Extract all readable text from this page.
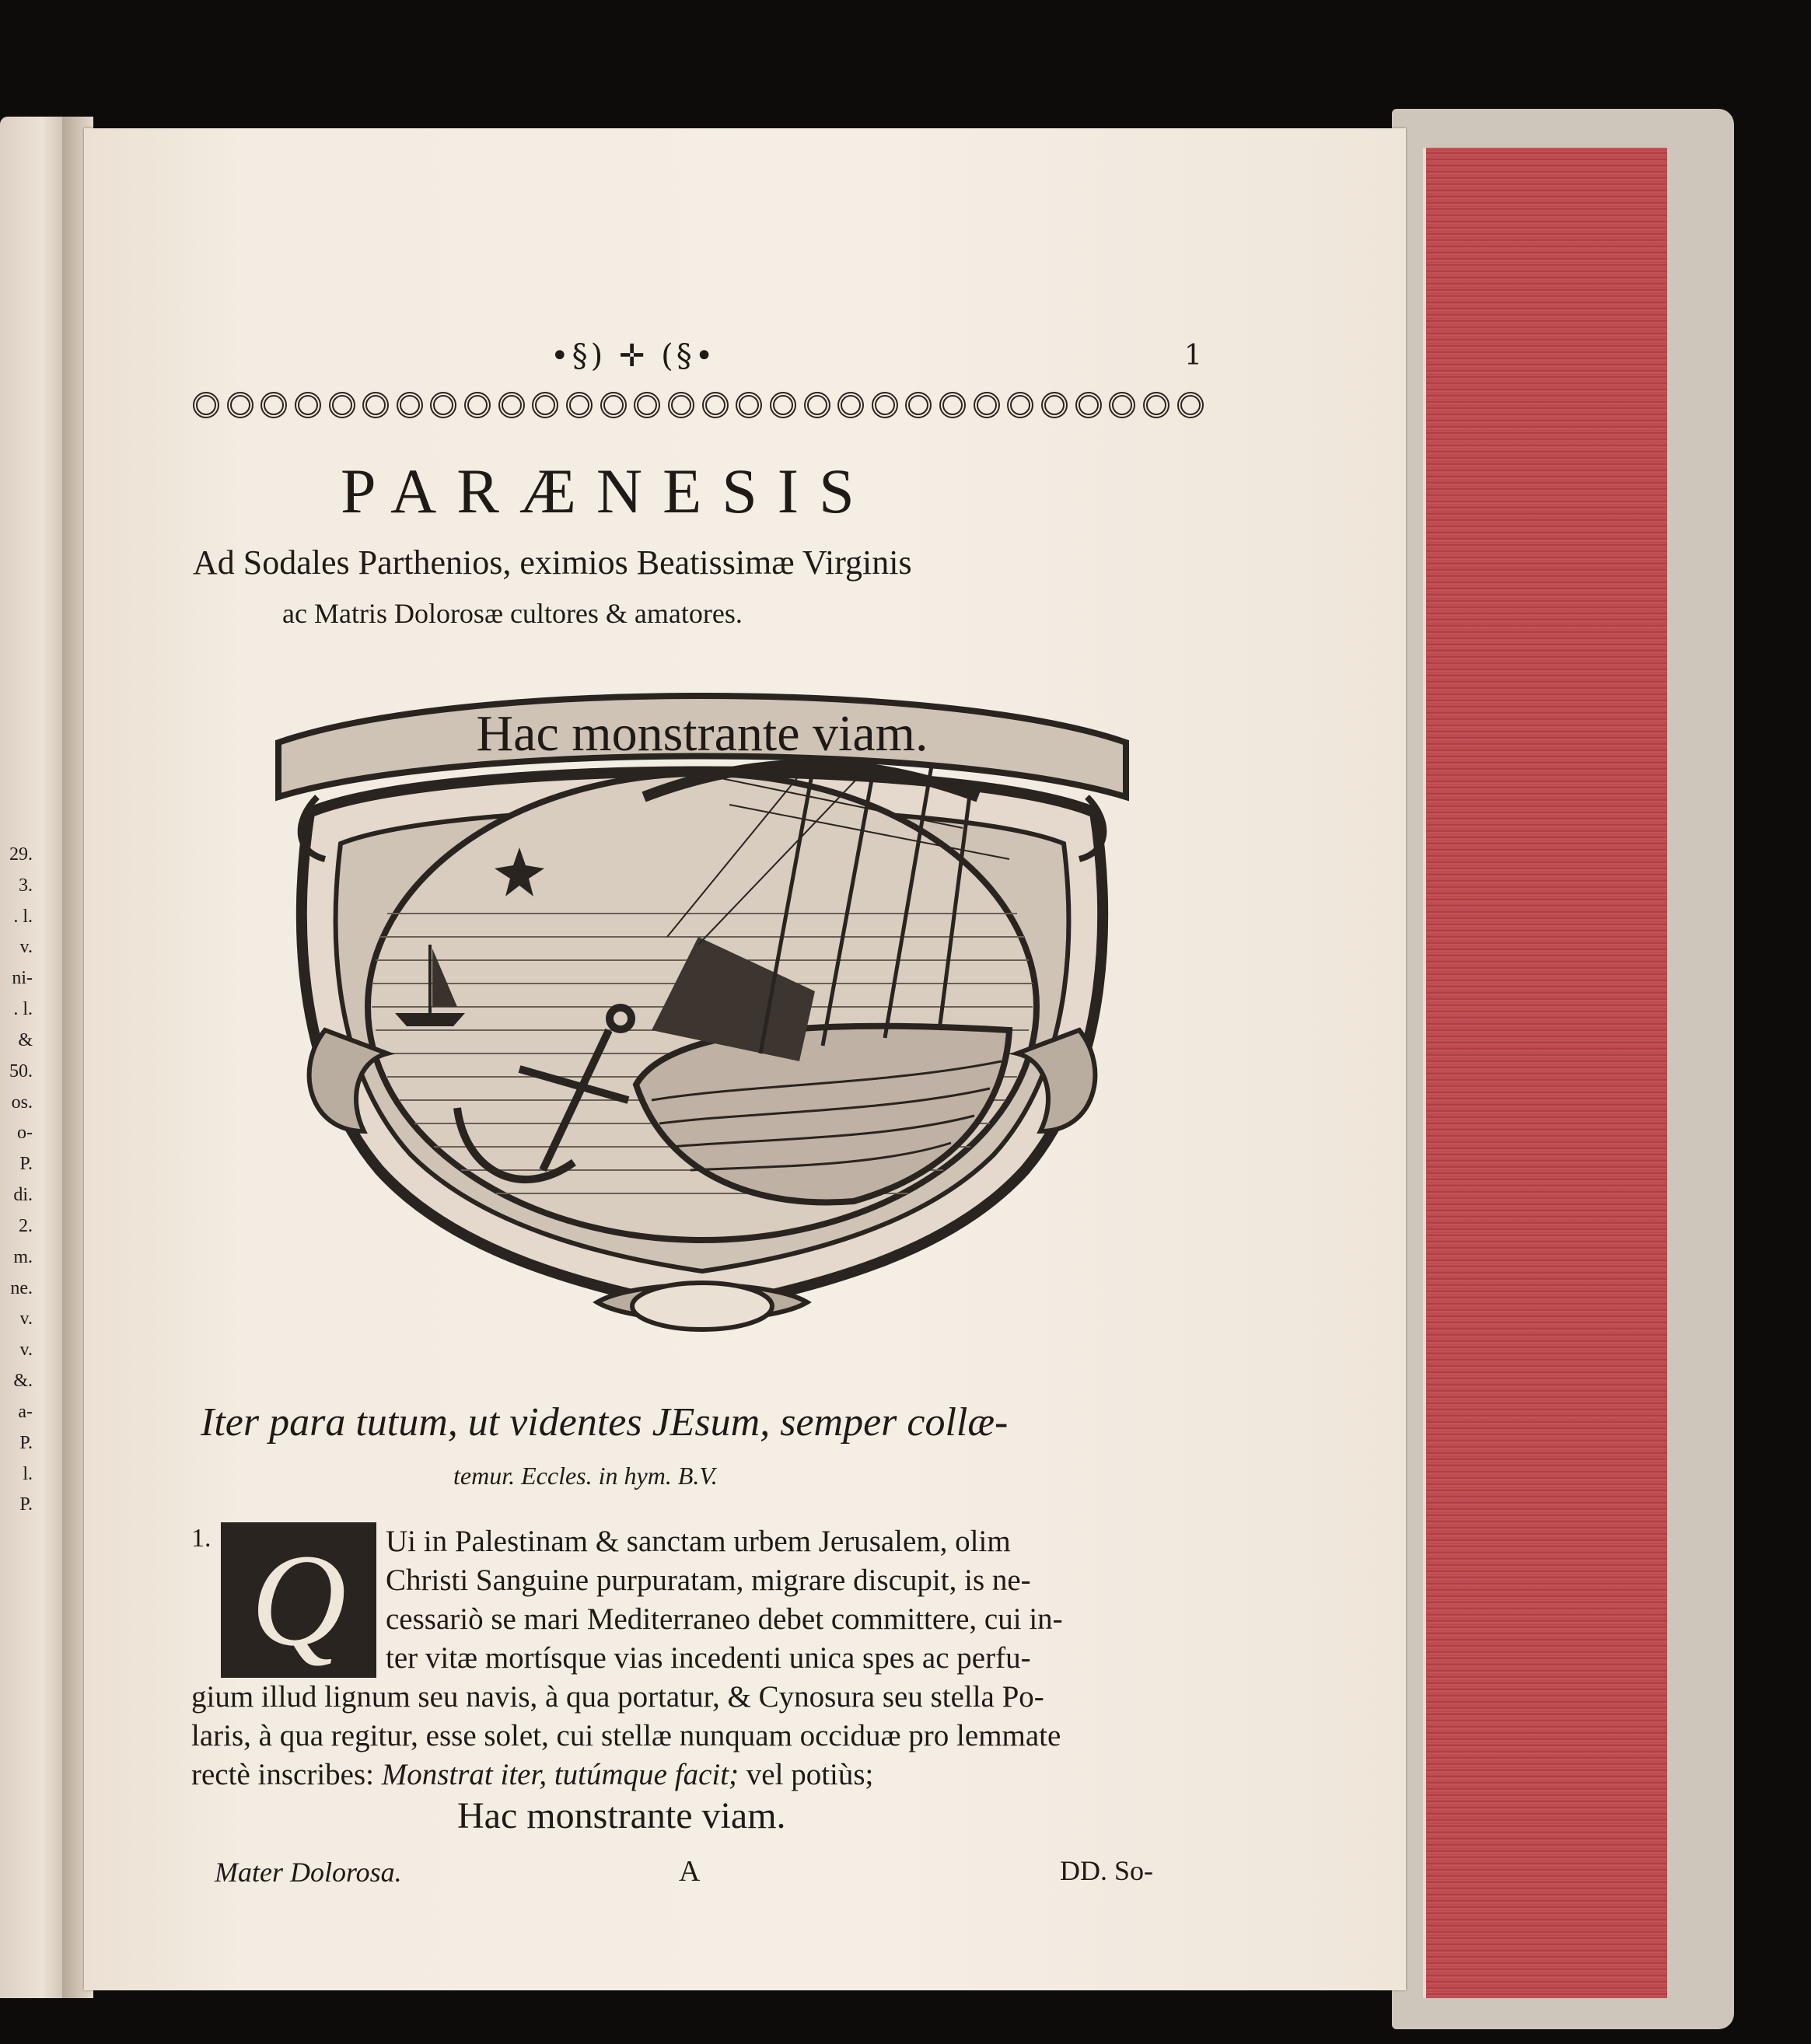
29.
3.
. l.
v.
ni-
. l.
&
50.
os.
o-
P.
di.
2.
m.
ne.
v.
v.
&.
a-
P.
l.
P.
•§) ✛ (§•	1
PARÆNESIS
Ad Sodales Parthenios, eximios Beatissimæ Virginis
ac Matris Dolorosæ cultores & amatores.
Hac monstrante viam.
Iter para tutum, ut videntes JEsum, semper collæ-
temur. Eccles. in hym. B.V.
1. Q	Ui in Palestinam & sanctam urbem Jerusalem, olim
Christi Sanguine purpuratam, migrare discupit, is ne-
cessariò se mari Mediterraneo debet committere, cui in-
ter vitæ mortísque vias incedenti unica spes ac perfu-
gium illud lignum seu navis, à qua portatur, & Cynosura seu stella Po-
laris, à qua regitur, esse solet, cui stellæ nunquam occiduæ pro lemmate
rectè inscribes: Monstrat iter, tutúmque facit; vel potiùs;
Hac monstrante viam.
Mater Dolorosa.	A	DD. So-
